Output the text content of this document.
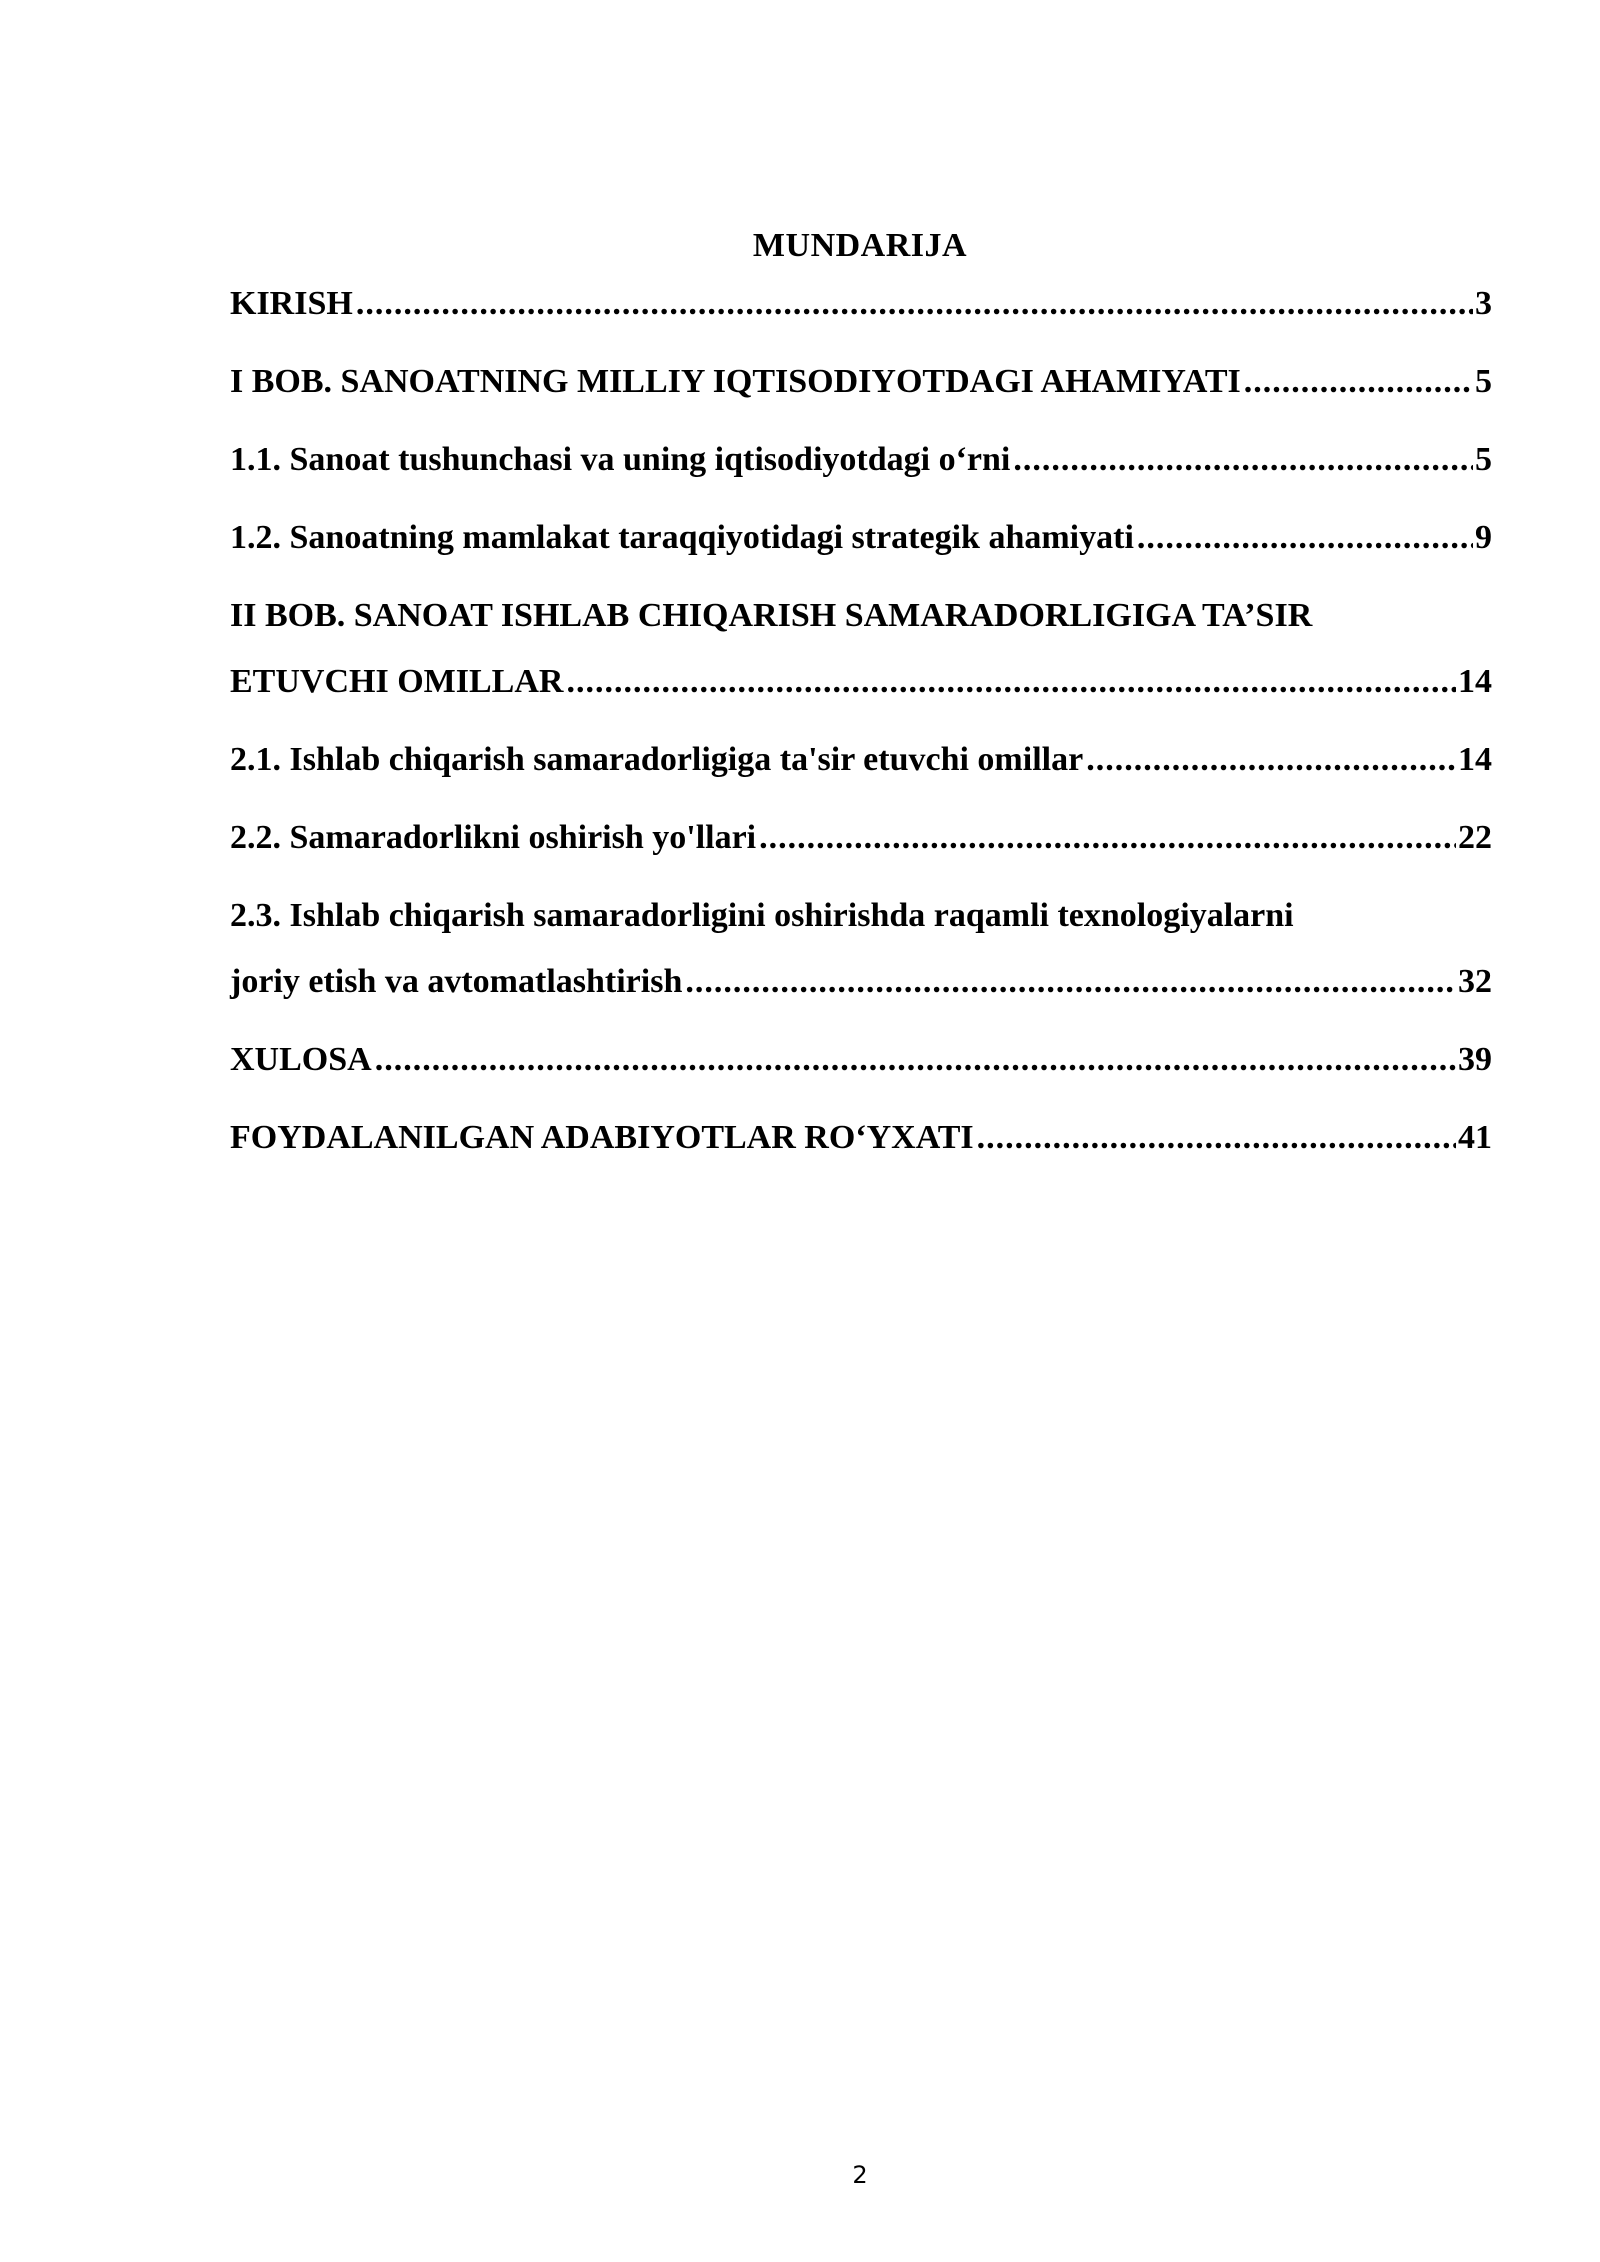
MUNDARIJA
KIRISH .....	3
I BOB. SANOATNING MILLIY IQTISODIYOTDAGI AHAMIYATI .....	5
1.1. Sanoat tushunchasi va uning iqtisodiyotdagi o‘rni .....	5
1.2. Sanoatning mamlakat taraqqiyotidagi strategik ahamiyati .....	9
II BOB. SANOAT ISHLAB CHIQARISH SAMARADORLIGIGA TA’SIR
ETUVCHI OMILLAR .....	14
2.1. Ishlab chiqarish samaradorligiga ta'sir etuvchi omillar .....	14
2.2. Samaradorlikni oshirish yo'llari .....	22
2.3. Ishlab chiqarish samaradorligini oshirishda raqamli texnologiyalarni
joriy etish va avtomatlashtirish .....	32
XULOSA .....	39
FOYDALANILGAN ADABIYOTLAR RO‘YXATI .....	41
2
